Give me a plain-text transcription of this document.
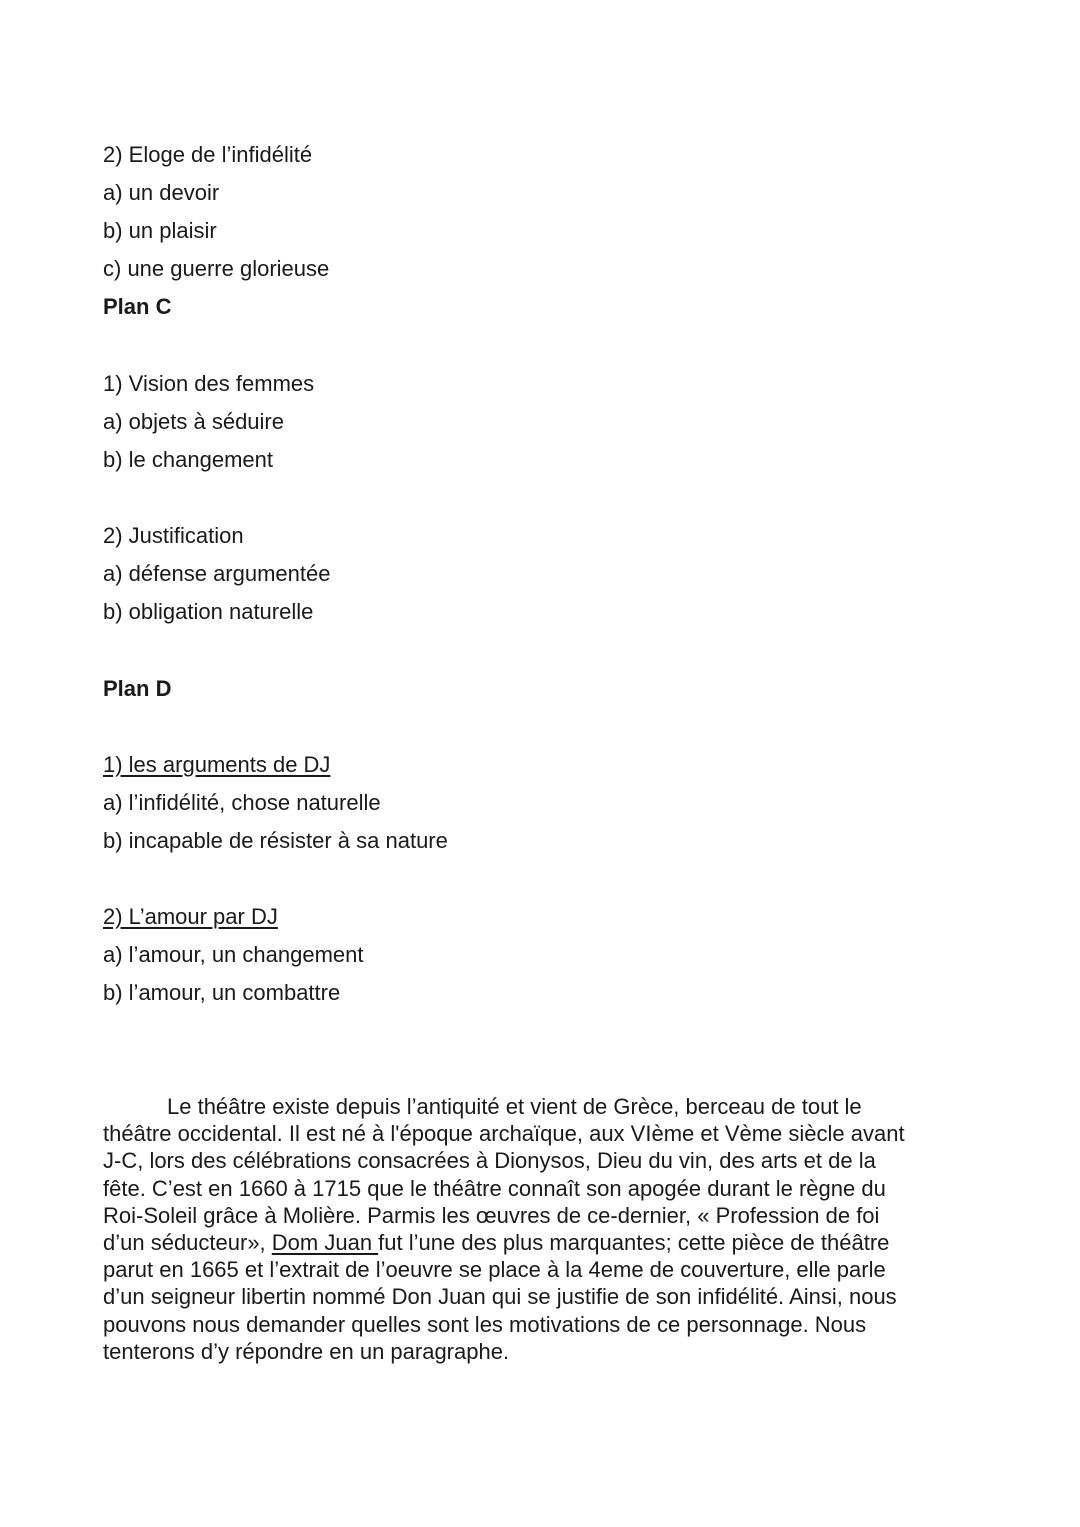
2) Eloge de l’infidélité
a) un devoir
b) un plaisir
c) une guerre glorieuse
Plan C
1) Vision des femmes
a) objets à séduire
b) le changement
2) Justification
a) défense argumentée
b) obligation naturelle
Plan D
1) les arguments de DJ
a) l’infidélité, chose naturelle
b) incapable de résister à sa nature
2) L’amour par DJ
a) l’amour, un changement
b) l’amour, un combattre
Le théâtre existe depuis l’antiquité et vient de Grèce, berceau de tout le
théâtre occidental. Il est né à l'époque archaïque, aux VIème et Vème siècle avant
J-C, lors des célébrations consacrées à Dionysos, Dieu du vin, des arts et de la
fête. C’est en 1660 à 1715 que le théâtre connaît son apogée durant le règne du
Roi-Soleil grâce à Molière. Parmis les œuvres de ce-dernier, « Profession de foi
d’un séducteur», Dom Juan fut l’une des plus marquantes; cette pièce de théâtre
parut en 1665 et l’extrait de l’oeuvre se place à la 4eme de couverture, elle parle
d’un seigneur libertin nommé Don Juan qui se justifie de son infidélité. Ainsi, nous
pouvons nous demander quelles sont les motivations de ce personnage. Nous
tenterons d’y répondre en un paragraphe.
